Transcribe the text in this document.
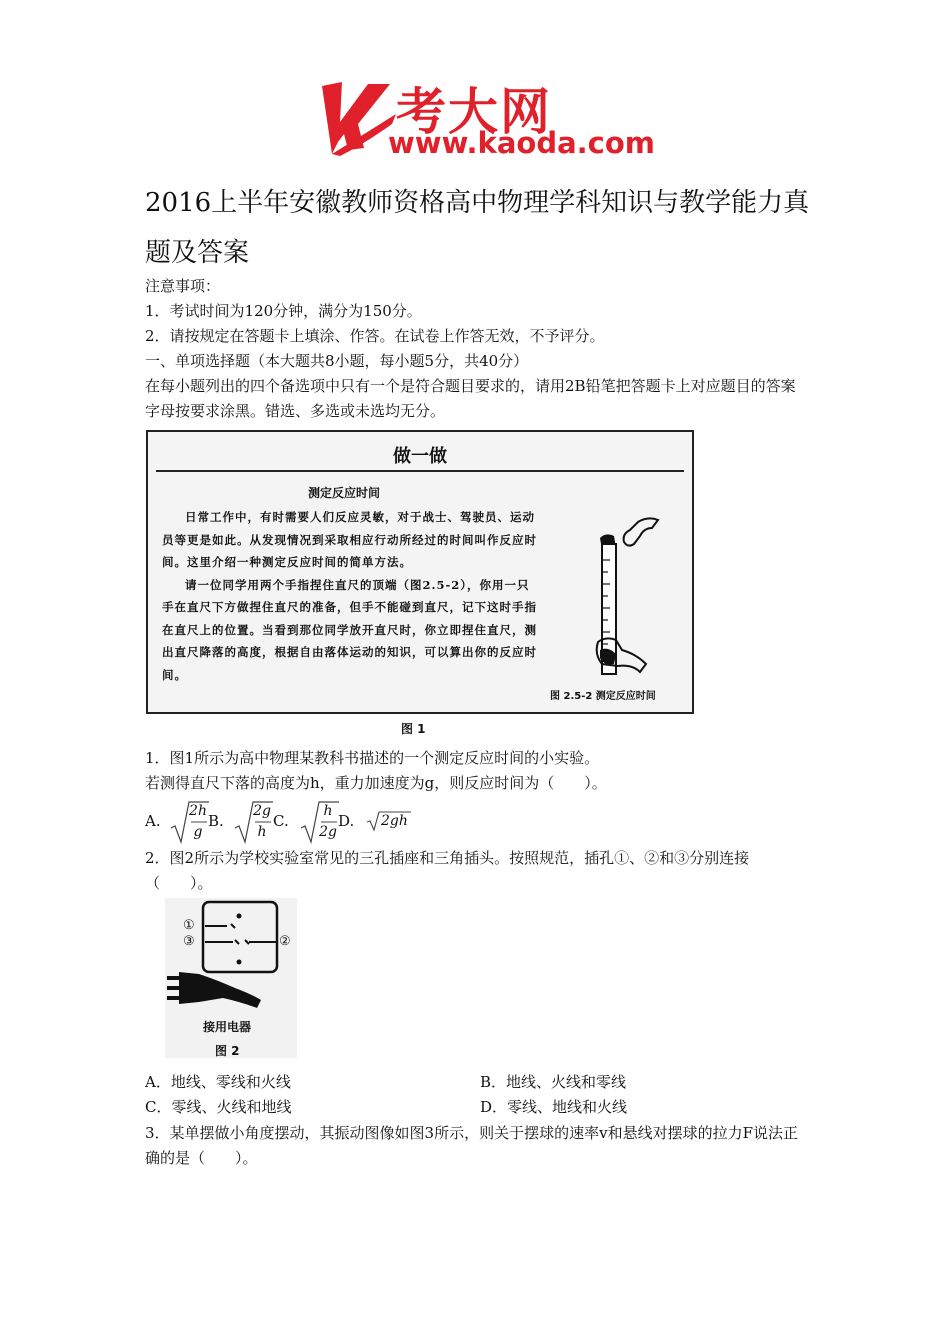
考大网
www.kaoda.com
2016上半年安徽教师资格高中物理学科知识与教学能力真题及答案
注意事项：
1．考试时间为120分钟，满分为150分。
2．请按规定在答题卡上填涂、作答。在试卷上作答无效，不予评分。
一、单项选择题（本大题共8小题，每小题5分，共40分）
在每小题列出的四个备选项中只有一个是符合题目要求的，请用2B铅笔把答题卡上对应题目的答案字母按要求涂黑。错选、多选或未选均无分。
做一做
测定反应时间

日常工作中，有时需要人们反应灵敏，对于战士、驾驶员、运动员等更是如此。从发现情况到采取相应行动所经过的时间叫作反应时间。这里介绍一种测定反应时间的简单方法。

请一位同学用两个手指捏住直尺的顶端（图2.5-2），你用一只手在直尺下方做捏住直尺的准备，但手不能碰到直尺，记下这时手指在直尺上的位置。当看到那位同学放开直尺时，你立即捏住直尺，测出直尺降落的高度，根据自由落体运动的知识，可以算出你的反应时间。

图 2.5-2 测定反应时间
图 1
1．图1所示为高中物理某教科书描述的一个测定反应时间的小实验。
若测得直尺下落的高度为h，重力加速度为g，则反应时间为（　　）。
A.
2h
g
B.
2g
h
C.
h
2g
D. 2gh
2．图2所示为学校实验室常见的三孔插座和三角插头。按照规范，插孔①、②和③分别连接（　　）。
①
③	②
接用电器
图 2
A．地线、零线和火线	B．地线、火线和零线
C．零线、火线和地线	D．零线、地线和火线
3．某单摆做小角度摆动，其振动图像如图3所示，则关于摆球的速率v和悬线对摆球的拉力F说法正确的是（　　）。
